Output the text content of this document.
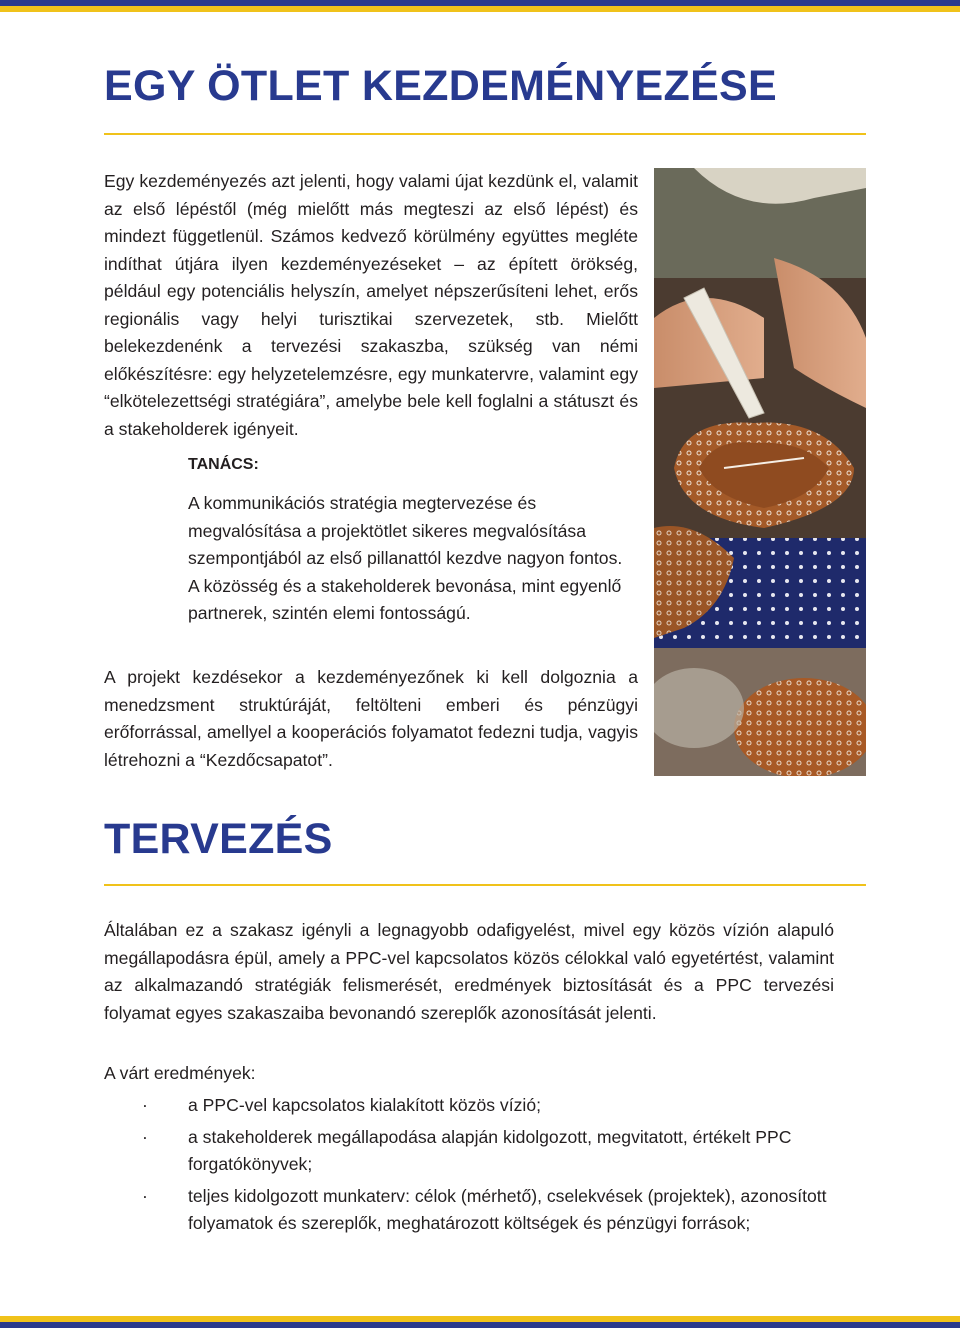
EGY ÖTLET KEZDEMÉNYEZÉSE

Egy kezdeményezés azt jelenti, hogy valami újat kezdünk el, valamit az első lépéstől (még mielőtt más megteszi az első lépést) és mindezt függetlenül. Számos kedvező körülmény együttes megléte indíthat útjára ilyen kezdeményezéseket – az épített örökség, például egy potenciális helyszín, amelyet népszerűsíteni lehet, erős regionális vagy helyi turisztikai szervezetek, stb. Mielőtt belekezdenénk a tervezési szakaszba, szükség van némi előkészítésre: egy helyzetelemzésre, egy munkatervre, valamint egy “elkötelezettségi stratégiára”, amelybe bele kell foglalni a státuszt és a stakeholderek igényeit.

TANÁCS:

A kommunikációs stratégia megtervezése és megvalósítása a projektötlet sikeres megvalósítása szempontjából az első pillanattól kezdve nagyon fontos. A közösség és a stakeholderek bevonása, mint egyenlő partnerek, szintén elemi fontosságú.

A projekt kezdésekor a kezdeményezőnek ki kell dolgoznia a menedzsment struktúráját, feltölteni emberi és pénzügyi erőforrással, amellyel a kooperációs folyamatot fedezni tudja, vagyis létrehozni a “Kezdőcsapatot”.

TERVEZÉS

Általában ez a szakasz igényli a legnagyobb odafigyelést, mivel egy közös vízión alapuló megállapodásra épül, amely a PPC-vel kapcsolatos közös célokkal való egyetértést, valamint az alkalmazandó stratégiák felismerését, eredmények biztosítását és a PPC tervezési folyamat egyes szakaszaiba bevonandó szereplők azonosítását jelenti.

A várt eredmények:

· a PPC-vel kapcsolatos kialakított közös vízió;
· a stakeholderek megállapodása alapján kidolgozott, megvitatott, értékelt PPC forgatókönyvek;
· teljes kidolgozott munkaterv: célok (mérhető), cselekvések (projektek), azonosított folyamatok és szereplők, meghatározott költségek és pénzügyi források;
